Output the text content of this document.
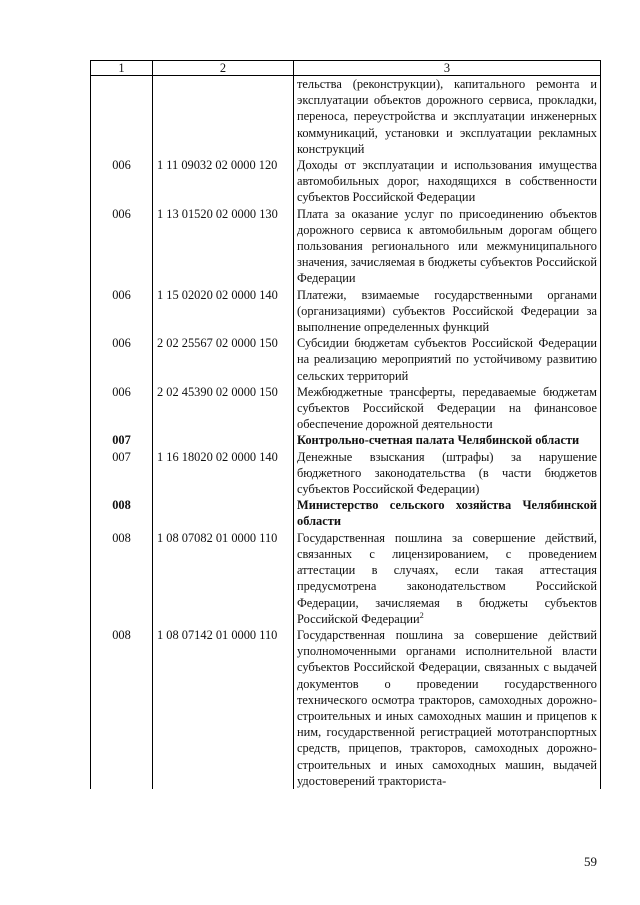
1	2	3
		тельства (реконструкции), капитального ремонта и эксплуатации объектов дорожного сервиса, прокладки, переноса, переустройства и эксплуатации инженерных коммуникаций, установки и эксплуатации рекламных конструкций
006	1 11 09032 02 0000 120	Доходы от эксплуатации и использования имущества автомобильных дорог, находящихся в собственности субъектов Российской Федерации
006	1 13 01520 02 0000 130	Плата за оказание услуг по присоединению объектов дорожного сервиса к автомобильным дорогам общего пользования регионального или межмуниципального значения, зачисляемая в бюджеты субъектов Российской Федерации
006	1 15 02020 02 0000 140	Платежи, взимаемые государственными органами (организациями) субъектов Российской Федерации за выполнение определенных функций
006	2 02 25567 02 0000 150	Субсидии бюджетам субъектов Российской Федерации на реализацию мероприятий по устойчивому развитию сельских территорий
006	2 02 45390 02 0000 150	Межбюджетные трансферты, передаваемые бюджетам субъектов Российской Федерации на финансовое обеспечение дорожной деятельности
007		Контрольно-счетная палата Челябинской области
007	1 16 18020 02 0000 140	Денежные взыскания (штрафы) за нарушение бюджетного законодательства (в части бюджетов субъектов Российской Федерации)
008		Министерство сельского хозяйства Челябинской области
008	1 08 07082 01 0000 110	Государственная пошлина за совершение действий, связанных с лицензированием, с проведением аттестации в случаях, если такая аттестация предусмотрена законодательством Российской Федерации, зачисляемая в бюджеты субъектов Российской Федерации$^2$
008	1 08 07142 01 0000 110	Государственная пошлина за совершение действий уполномоченными органами исполнительной власти субъектов Российской Федерации, связанных с выдачей документов о проведении государственного технического осмотра тракторов, самоходных дорожно-строительных и иных самоходных машин и прицепов к ним, государственной регистрацией мототранспортных средств, прицепов, тракторов, самоходных дорожно-строительных и иных самоходных машин, выдачей удостоверений тракториста-
59
